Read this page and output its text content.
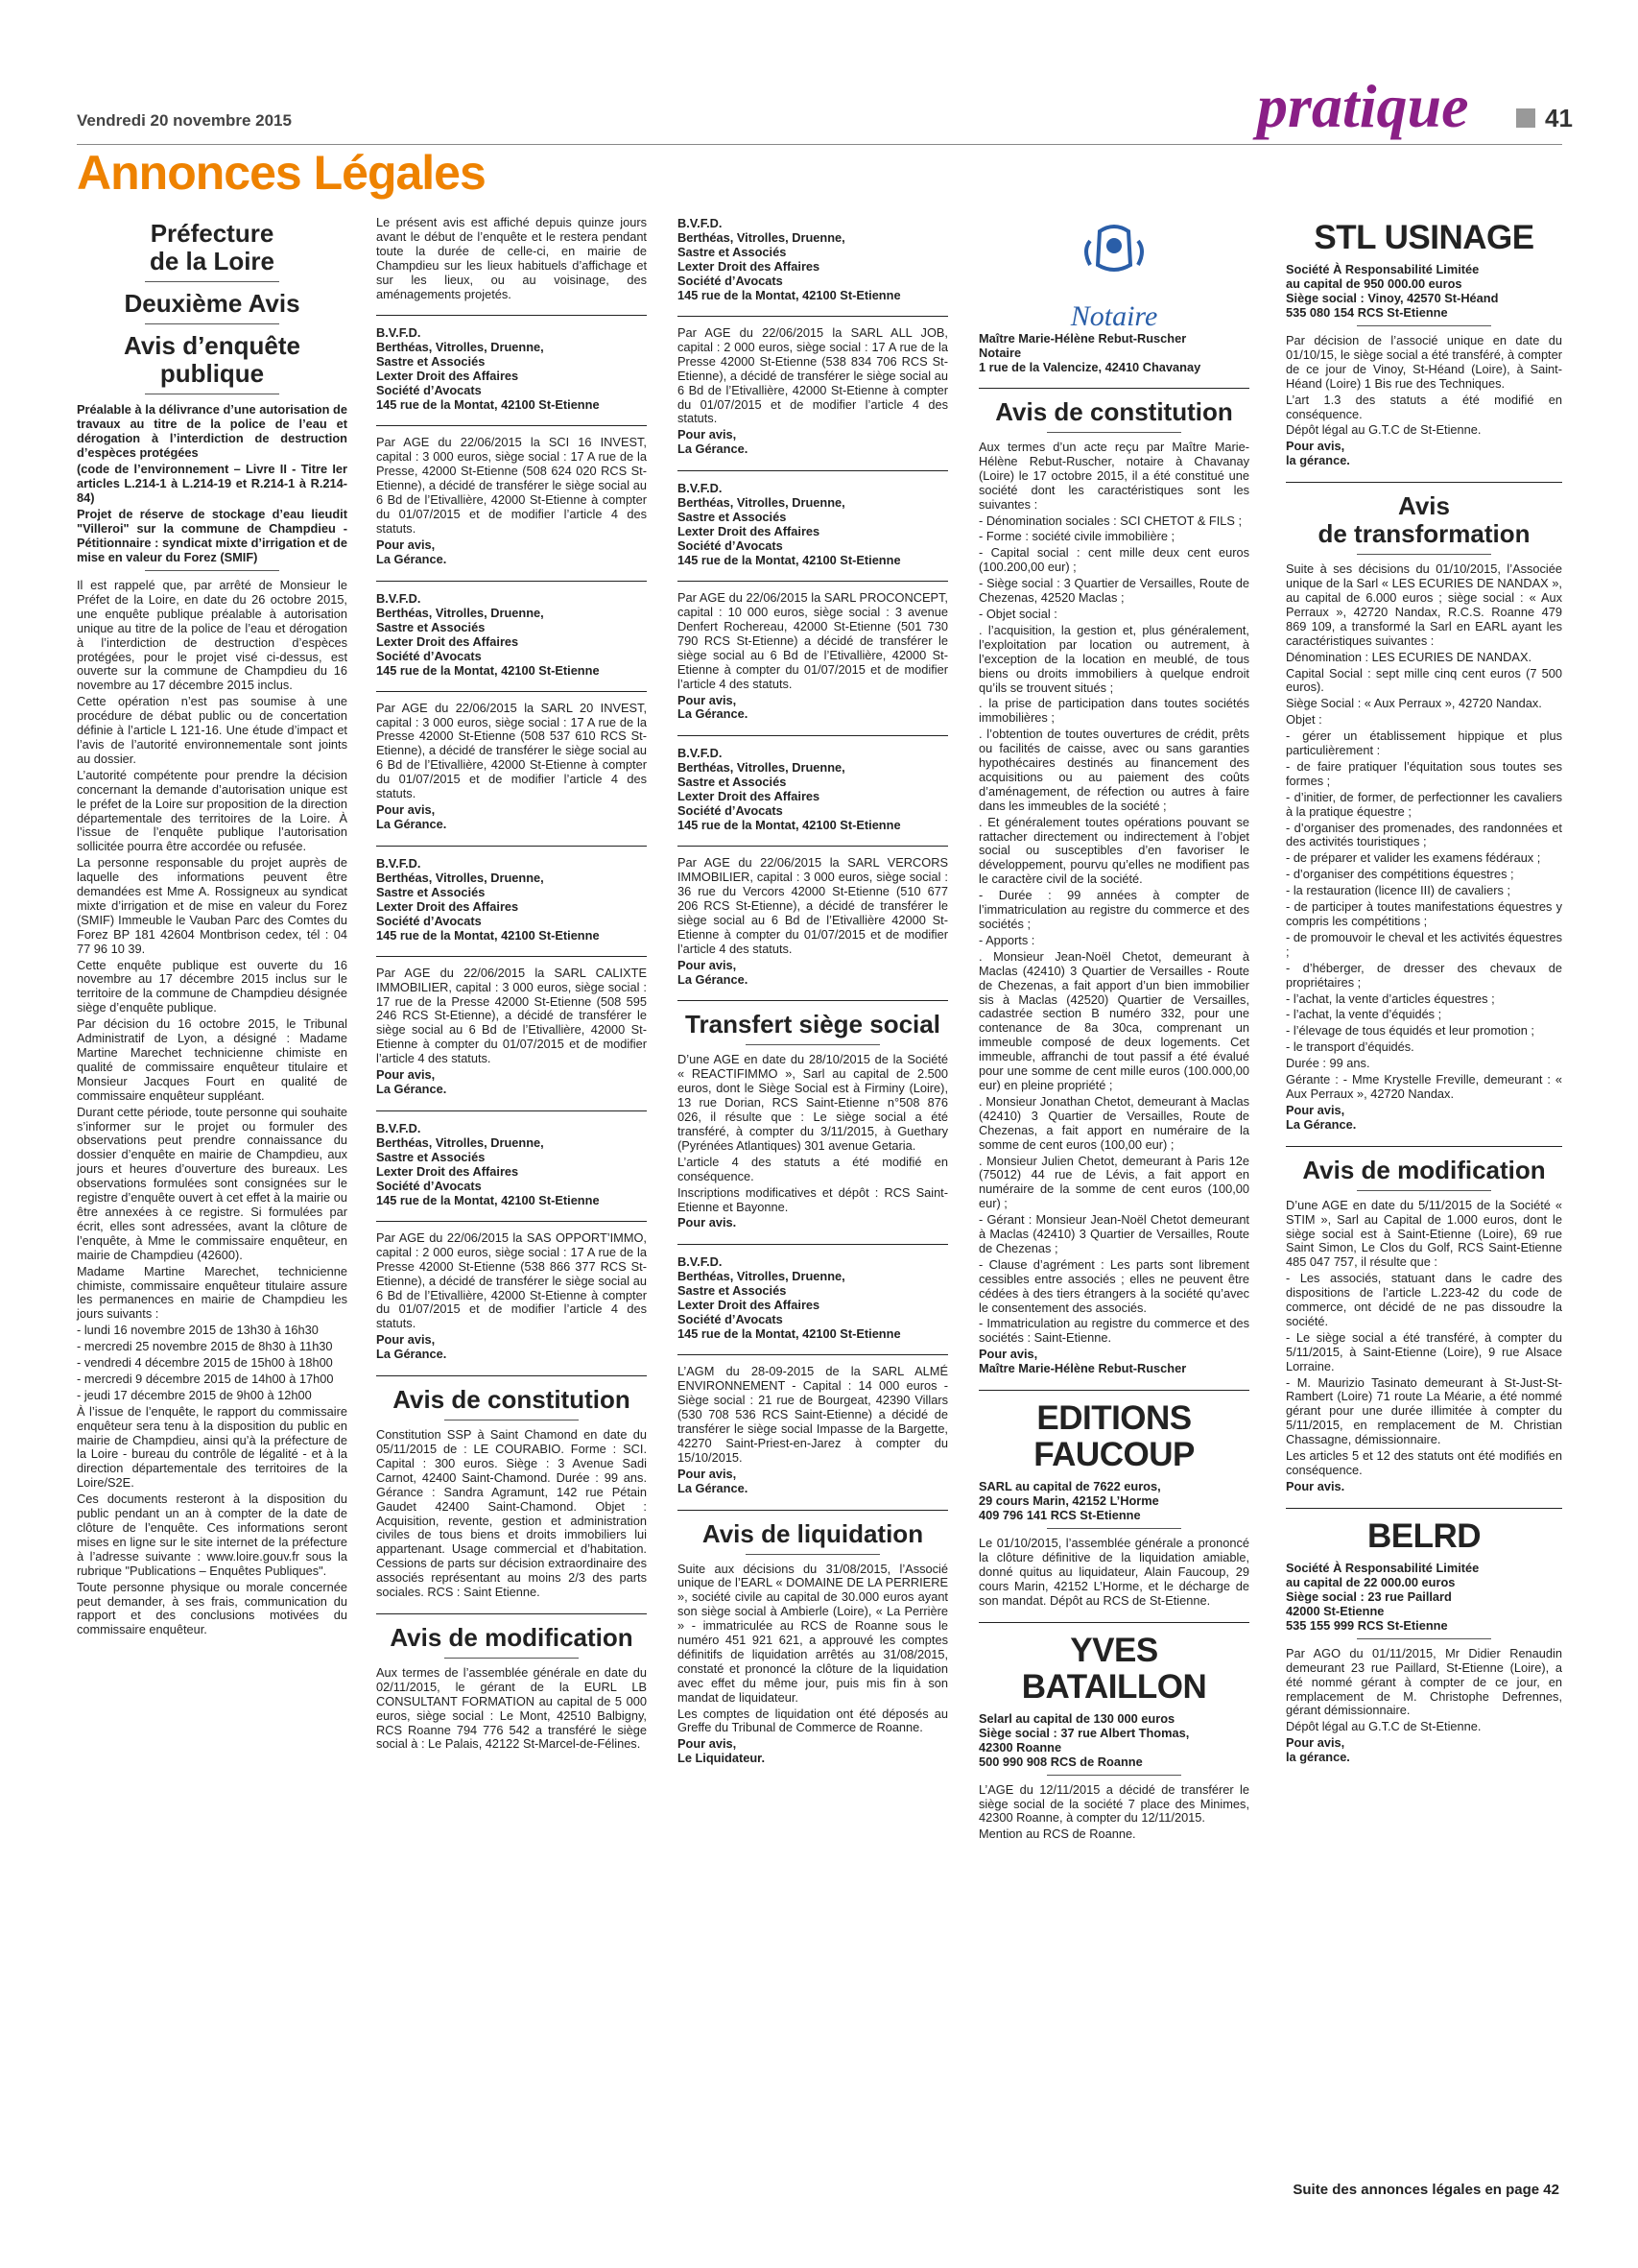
Vendredi 20 novembre 2015	pratique	41
Annonces Légales
Préfecture
de la Loire
Deuxième Avis
Avis d’enquête
publique

Préalable à la délivrance d’une autorisation de travaux au titre de la police de l’eau et dérogation à l’interdiction de destruction d’espèces protégées

(code de l’environnement – Livre II - Titre Ier articles L.214-1 à L.214-19 et R.214-1 à R.214-84)

Projet de réserve de stockage d’eau lieudit "Villeroi" sur la commune de Champdieu - Pétitionnaire : syndicat mixte d’irrigation et de mise en valeur du Forez (SMIF)

Il est rappelé que, par arrêté de Monsieur le Préfet de la Loire, en date du 26 octobre 2015, une enquête publique préalable à autorisation unique au titre de la police de l’eau et dérogation à l’interdiction de destruction d’espèces protégées, pour le projet visé ci-dessus, est ouverte sur la commune de Champdieu du 16 novembre au 17 décembre 2015 inclus.

Cette opération n’est pas soumise à une procédure de débat public ou de concertation définie à l’article L 121-16. Une étude d’impact et l’avis de l’autorité environnementale sont joints au dossier.

L’autorité compétente pour prendre la décision concernant la demande d’autorisation unique est le préfet de la Loire sur proposition de la direction départementale des territoires de la Loire. À l’issue de l’enquête publique l’autorisation sollicitée pourra être accordée ou refusée.

La personne responsable du projet auprès de laquelle des informations peuvent être demandées est Mme A. Rossigneux au syndicat mixte d’irrigation et de mise en valeur du Forez (SMIF) Immeuble le Vauban Parc des Comtes du Forez BP 181 42604 Montbrison cedex, tél : 04 77 96 10 39.

Cette enquête publique est ouverte du 16 novembre au 17 décembre 2015 inclus sur le territoire de la commune de Champdieu désignée siège d’enquête publique.

Par décision du 16 octobre 2015, le Tribunal Administratif de Lyon, a désigné : Madame Martine Marechet technicienne chimiste en qualité de commissaire enquêteur titulaire et Monsieur Jacques Fourt en qualité de commissaire enquêteur suppléant.

Durant cette période, toute personne qui souhaite s’informer sur le projet ou formuler des observations peut prendre connaissance du dossier d’enquête en mairie de Champdieu, aux jours et heures d’ouverture des bureaux. Les observations formulées sont consignées sur le registre d’enquête ouvert à cet effet à la mairie ou être annexées à ce registre. Si formulées par écrit, elles sont adressées, avant la clôture de l’enquête, à Mme le commissaire enquêteur, en mairie de Champdieu (42600).

Madame Martine Marechet, technicienne chimiste, commissaire enquêteur titulaire assure les permanences en mairie de Champdieu les jours suivants :

- lundi 16 novembre 2015 de 13h30 à 16h30

- mercredi 25 novembre 2015 de 8h30 à 11h30

- vendredi 4 décembre 2015 de 15h00 à 18h00

- mercredi 9 décembre 2015 de 14h00 à 17h00

- jeudi 17 décembre 2015 de 9h00 à 12h00

À l’issue de l’enquête, le rapport du commissaire enquêteur sera tenu à la disposition du public en mairie de Champdieu, ainsi qu’à la préfecture de la Loire - bureau du contrôle de légalité - et à la direction départementale des territoires de la Loire/S2E.

Ces documents resteront à la disposition du public pendant un an à compter de la date de clôture de l’enquête. Ces informations seront mises en ligne sur le site internet de la préfecture à l’adresse suivante : www.loire.gouv.fr sous la rubrique "Publications – Enquêtes Publiques".

Toute personne physique ou morale concernée peut demander, à ses frais, communication du rapport et des conclusions motivées du commissaire enquêteur.

Le présent avis est affiché depuis quinze jours avant le début de l’enquête et le restera pendant toute la durée de celle-ci, en mairie de Champdieu sur les lieux habituels d’affichage et sur les lieux, ou au voisinage, des aménagements projetés.

B.V.F.D.
Berthéas, Vitrolles, Druenne,
Sastre et Associés
Lexter Droit des Affaires
Société d’Avocats
145 rue de la Montat, 42100 St-Etienne

Par AGE du 22/06/2015 la SCI 16 INVEST, capital : 3 000 euros, siège social : 17 A rue de la Presse, 42000 St-Etienne (508 624 020 RCS St-Etienne), a décidé de transférer le siège social au 6 Bd de l’Etivallière, 42000 St-Etienne à compter du 01/07/2015 et de modifier l’article 4 des statuts.

Pour avis,
La Gérance.

B.V.F.D.
Berthéas, Vitrolles, Druenne,
Sastre et Associés
Lexter Droit des Affaires
Société d’Avocats
145 rue de la Montat, 42100 St-Etienne

Par AGE du 22/06/2015 la SARL 20 INVEST, capital : 3 000 euros, siège social : 17 A rue de la Presse 42000 St-Etienne (508 537 610 RCS St-Etienne), a décidé de transférer le siège social au 6 Bd de l’Etivallière, 42000 St-Etienne à compter du 01/07/2015 et de modifier l’article 4 des statuts.

Pour avis,
La Gérance.

B.V.F.D.
Berthéas, Vitrolles, Druenne,
Sastre et Associés
Lexter Droit des Affaires
Société d’Avocats
145 rue de la Montat, 42100 St-Etienne

Par AGE du 22/06/2015 la SARL CALIXTE IMMOBILIER, capital : 3 000 euros, siège social : 17 rue de la Presse 42000 St-Etienne (508 595 246 RCS St-Etienne), a décidé de transférer le siège social au 6 Bd de l’Etivallière, 42000 St-Etienne à compter du 01/07/2015 et de modifier l’article 4 des statuts.

Pour avis,
La Gérance.

B.V.F.D.
Berthéas, Vitrolles, Druenne,
Sastre et Associés
Lexter Droit des Affaires
Société d’Avocats
145 rue de la Montat, 42100 St-Etienne

Par AGE du 22/06/2015 la SAS OPPORT’IMMO, capital : 2 000 euros, siège social : 17 A rue de la Presse 42000 St-Etienne (538 866 377 RCS St-Etienne), a décidé de transférer le siège social au 6 Bd de l’Etivallière, 42000 St-Etienne à compter du 01/07/2015 et de modifier l’article 4 des statuts.

Pour avis,
La Gérance.

Avis de constitution

Constitution SSP à Saint Chamond en date du 05/11/2015 de : LE COURABIO. Forme : SCI. Capital : 300 euros. Siège : 3 Avenue Sadi Carnot, 42400 Saint-Chamond. Durée : 99 ans. Gérance : Sandra Agramunt, 142 rue Pétain Gaudet 42400 Saint-Chamond. Objet : Acquisition, revente, gestion et administration civiles de tous biens et droits immobiliers lui appartenant. Usage commercial et d’habitation. Cessions de parts sur décision extraordinaire des associés représentant au moins 2/3 des parts sociales. RCS : Saint Etienne.

Avis de modification

Aux termes de l’assemblée générale en date du 02/11/2015, le gérant de la EURL LB CONSULTANT FORMATION au capital de 5 000 euros, siège social : Le Mont, 42510 Balbigny, RCS Roanne 794 776 542 a transféré le siège social à : Le Palais, 42122 St-Marcel-de-Félines.

B.V.F.D.
Berthéas, Vitrolles, Druenne,
Sastre et Associés
Lexter Droit des Affaires
Société d’Avocats
145 rue de la Montat, 42100 St-Etienne

Par AGE du 22/06/2015 la SARL ALL JOB, capital : 2 000 euros, siège social : 17 A rue de la Presse 42000 St-Etienne (538 834 706 RCS St-Etienne), a décidé de transférer le siège social au 6 Bd de l’Etivallière, 42000 St-Etienne à compter du 01/07/2015 et de modifier l’article 4 des statuts.

Pour avis,
La Gérance.

B.V.F.D.
Berthéas, Vitrolles, Druenne,
Sastre et Associés
Lexter Droit des Affaires
Société d’Avocats
145 rue de la Montat, 42100 St-Etienne

Par AGE du 22/06/2015 la SARL PROCONCEPT, capital : 10 000 euros, siège social : 3 avenue Denfert Rochereau, 42000 St-Etienne (501 730 790 RCS St-Etienne) a décidé de transférer le siège social au 6 Bd de l’Etivallière, 42000 St-Etienne à compter du 01/07/2015 et de modifier l’article 4 des statuts.

Pour avis,
La Gérance.

B.V.F.D.
Berthéas, Vitrolles, Druenne,
Sastre et Associés
Lexter Droit des Affaires
Société d’Avocats
145 rue de la Montat, 42100 St-Etienne

Par AGE du 22/06/2015 la SARL VERCORS IMMOBILIER, capital : 3 000 euros, siège social : 36 rue du Vercors 42000 St-Etienne (510 677 206 RCS St-Etienne), a décidé de transférer le siège social au 6 Bd de l’Etivallière 42000 St-Etienne à compter du 01/07/2015 et de modifier l’article 4 des statuts.

Pour avis,
La Gérance.

Transfert siège social

D’une AGE en date du 28/10/2015 de la Société « REACTIFIMMO », Sarl au capital de 2.500 euros, dont le Siège Social est à Firminy (Loire), 13 rue Dorian, RCS Saint-Etienne n°508 876 026, il résulte que : Le siège social a été transféré, à compter du 3/11/2015, à Guethary (Pyrénées Atlantiques) 301 avenue Getaria.

L’article 4 des statuts a été modifié en conséquence.

Inscriptions modificatives et dépôt : RCS Saint-Etienne et Bayonne.

Pour avis.

B.V.F.D.
Berthéas, Vitrolles, Druenne,
Sastre et Associés
Lexter Droit des Affaires
Société d’Avocats
145 rue de la Montat, 42100 St-Etienne

L’AGM du 28-09-2015 de la SARL ALMÉ ENVIRONNEMENT - Capital : 14 000 euros - Siège social : 21 rue de Bourgeat, 42390 Villars (530 708 536 RCS Saint-Etienne) a décidé de transférer le siège social Impasse de la Bargette, 42270 Saint-Priest-en-Jarez à compter du 15/10/2015.

Pour avis,
La Gérance.

Avis de liquidation

Suite aux décisions du 31/08/2015, l’Associé unique de l’EARL « DOMAINE DE LA PERRIERE », société civile au capital de 30.000 euros ayant son siège social à Ambierle (Loire), « La Perrière » - immatriculée au RCS de Roanne sous le numéro 451 921 621, a approuvé les comptes définitifs de liquidation arrêtés au 31/08/2015, constaté et prononcé la clôture de la liquidation avec effet du même jour, puis mis fin à son mandat de liquidateur.

Les comptes de liquidation ont été déposés au Greffe du Tribunal de Commerce de Roanne.

Pour avis,
Le Liquidateur.

Notaire

Maître Marie-Hélène Rebut-Ruscher
Notaire
1 rue de la Valencize, 42410 Chavanay

Avis de constitution

Aux termes d’un acte reçu par Maître Marie-Hélène Rebut-Ruscher, notaire à Chavanay (Loire) le 17 octobre 2015, il a été constitué une société dont les caractéristiques sont les suivantes :

- Dénomination sociales : SCI CHETOT & FILS ;

- Forme : société civile immobilière ;

- Capital social : cent mille deux cent euros (100.200,00 eur) ;

- Siège social : 3 Quartier de Versailles, Route de Chezenas, 42520 Maclas ;

- Objet social :

. l’acquisition, la gestion et, plus généralement, l’exploitation par location ou autrement, à l’exception de la location en meublé, de tous biens ou droits immobiliers à quelque endroit qu’ils se trouvent situés ;

. la prise de participation dans toutes sociétés immobilières ;

. l’obtention de toutes ouvertures de crédit, prêts ou facilités de caisse, avec ou sans garanties hypothécaires destinés au financement des acquisitions ou au paiement des coûts d’aménagement, de réfection ou autres à faire dans les immeubles de la société ;

. Et généralement toutes opérations pouvant se rattacher directement ou indirectement à l’objet social ou susceptibles d’en favoriser le développement, pourvu qu’elles ne modifient pas le caractère civil de la société.

- Durée : 99 années à compter de l’immatriculation au registre du commerce et des sociétés ;

- Apports :

. Monsieur Jean-Noël Chetot, demeurant à Maclas (42410) 3 Quartier de Versailles - Route de Chezenas, a fait apport d’un bien immobilier sis à Maclas (42520) Quartier de Versailles, cadastrée section B numéro 332, pour une contenance de 8a 30ca, comprenant un immeuble composé de deux logements. Cet immeuble, affranchi de tout passif a été évalué pour une somme de cent mille euros (100.000,00 eur) en pleine propriété ;

. Monsieur Jonathan Chetot, demeurant à Maclas (42410) 3 Quartier de Versailles, Route de Chezenas, a fait apport en numéraire de la somme de cent euros (100,00 eur) ;

. Monsieur Julien Chetot, demeurant à Paris 12e (75012) 44 rue de Lévis, a fait apport en numéraire de la somme de cent euros (100,00 eur) ;

- Gérant : Monsieur Jean-Noël Chetot demeurant à Maclas (42410) 3 Quartier de Versailles, Route de Chezenas ;

- Clause d’agrément : Les parts sont librement cessibles entre associés ; elles ne peuvent être cédées à des tiers étrangers à la société qu’avec le consentement des associés.

- Immatriculation au registre du commerce et des sociétés : Saint-Etienne.

Pour avis,
Maître Marie-Hélène Rebut-Ruscher

EDITIONS
FAUCOUP

SARL au capital de 7622 euros,
29 cours Marin, 42152 L’Horme
409 796 141 RCS St-Etienne

Le 01/10/2015, l’assemblée générale a prononcé la clôture définitive de la liquidation amiable, donné quitus au liquidateur, Alain Faucoup, 29 cours Marin, 42152 L’Horme, et le décharge de son mandat. Dépôt au RCS de St-Etienne.

YVES BATAILLON

Selarl au capital de 130 000 euros
Siège social : 37 rue Albert Thomas,
42300 Roanne
500 990 908 RCS de Roanne

L’AGE du 12/11/2015 a décidé de transférer le siège social de la société 7 place des Minimes, 42300 Roanne, à compter du 12/11/2015.

Mention au RCS de Roanne.

STL USINAGE

Société À Responsabilité Limitée
au capital de 950 000.00 euros
Siège social : Vinoy, 42570 St-Héand
535 080 154 RCS St-Etienne

Par décision de l’associé unique en date du 01/10/15, le siège social a été transféré, à compter de ce jour de Vinoy, St-Héand (Loire), à Saint-Héand (Loire) 1 Bis rue des Techniques.

L’art 1.3 des statuts a été modifié en conséquence.

Dépôt légal au G.T.C de St-Etienne.

Pour avis,
la gérance.

Avis
de transformation

Suite à ses décisions du 01/10/2015, l’Associée unique de la Sarl « LES ECURIES DE NANDAX », au capital de 6.000 euros ; siège social : « Aux Perraux », 42720 Nandax, R.C.S. Roanne 479 869 109, a transformé la Sarl en EARL ayant les caractéristiques suivantes :

Dénomination : LES ECURIES DE NANDAX.

Capital Social : sept mille cinq cent euros (7 500 euros).

Siège Social : « Aux Perraux », 42720 Nandax.

Objet :

- gérer un établissement hippique et plus particulièrement :

- de faire pratiquer l’équitation sous toutes ses formes ;

- d’initier, de former, de perfectionner les cavaliers à la pratique équestre ;

- d’organiser des promenades, des randonnées et des activités touristiques ;

- de préparer et valider les examens fédéraux ;

- d’organiser des compétitions équestres ;

- la restauration (licence III) de cavaliers ;

- de participer à toutes manifestations équestres y compris les compétitions ;

- de promouvoir le cheval et les activités équestres ;

- d’héberger, de dresser des chevaux de propriétaires ;

- l’achat, la vente d’articles équestres ;

- l’achat, la vente d’équidés ;

- l’élevage de tous équidés et leur promotion ;

- le transport d’équidés.

Durée : 99 ans.

Gérante : - Mme Krystelle Freville, demeurant : « Aux Perraux », 42720 Nandax.

Pour avis,
La Gérance.

Avis de modification

D’une AGE en date du 5/11/2015 de la Société « STIM », Sarl au Capital de 1.000 euros, dont le siège social est à Saint-Etienne (Loire), 69 rue Saint Simon, Le Clos du Golf, RCS Saint-Etienne 485 047 757, il résulte que :

- Les associés, statuant dans le cadre des dispositions de l’article L.223-42 du code de commerce, ont décidé de ne pas dissoudre la société.

- Le siège social a été transféré, à compter du 5/11/2015, à Saint-Etienne (Loire), 9 rue Alsace Lorraine.

- M. Maurizio Tasinato demeurant à St-Just-St-Rambert (Loire) 71 route La Méarie, a été nommé gérant pour une durée illimitée à compter du 5/11/2015, en remplacement de M. Christian Chassagne, démissionnaire.

Les articles 5 et 12 des statuts ont été modifiés en conséquence.

Pour avis.

BELRD

Société À Responsabilité Limitée
au capital de 22 000.00 euros
Siège social : 23 rue Paillard
42000 St-Etienne
535 155 999 RCS St-Etienne

Par AGO du 01/11/2015, Mr Didier Renaudin demeurant 23 rue Paillard, St-Etienne (Loire), a été nommé gérant à compter de ce jour, en remplacement de M. Christophe Defrennes, gérant démissionnaire.

Dépôt légal au G.T.C de St-Etienne.

Pour avis,
la gérance.

Suite des annonces légales en page 42
